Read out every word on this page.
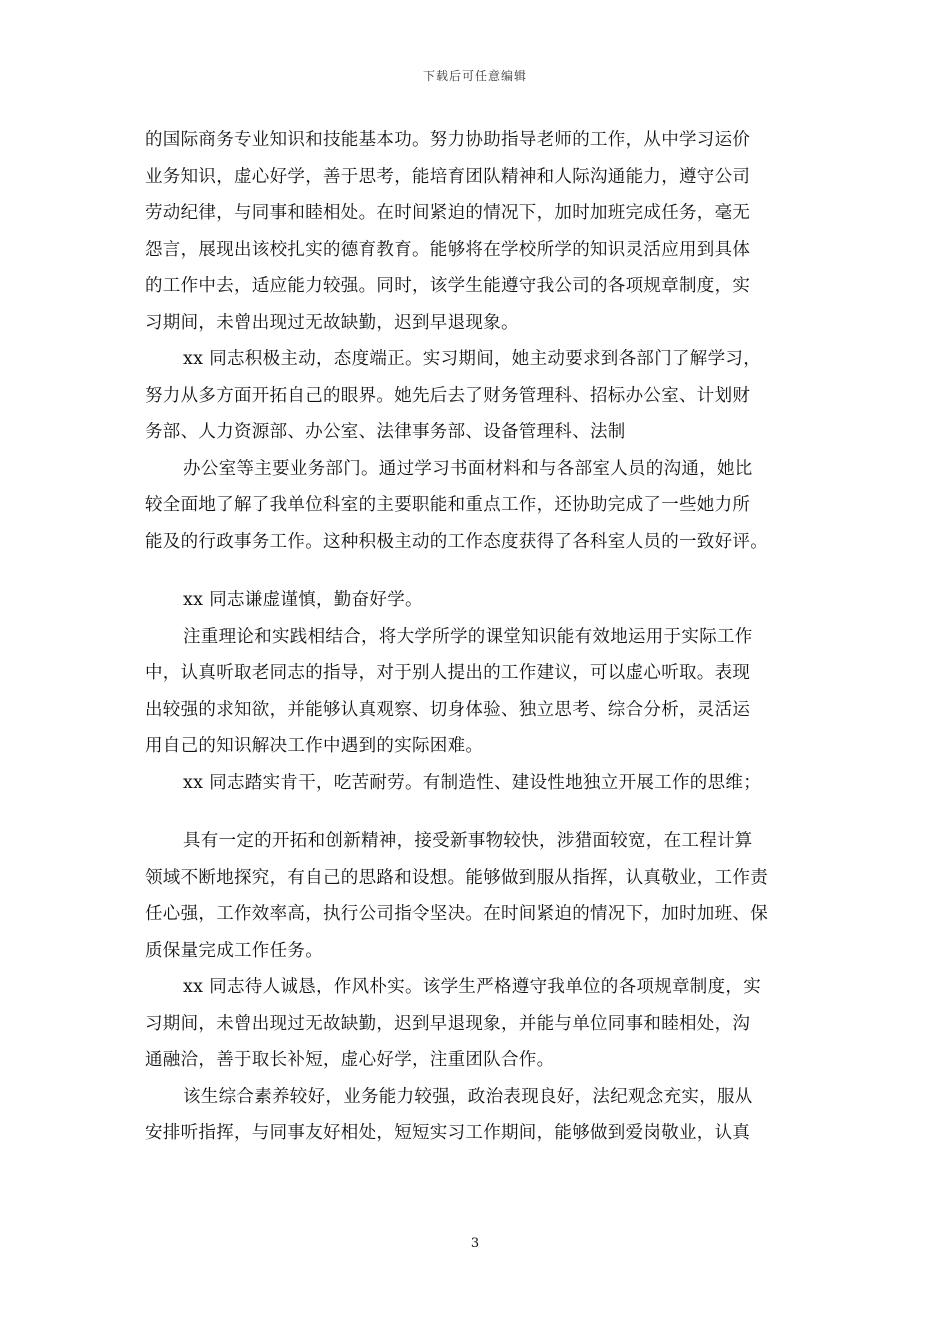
下载后可任意编辑
的国际商务专业知识和技能基本功。努力协助指导老师的工作，从中学习运价
业务知识，虚心好学，善于思考，能培育团队精神和人际沟通能力，遵守公司
劳动纪律，与同事和睦相处。在时间紧迫的情况下，加时加班完成任务，毫无
怨言，展现出该校扎实的德育教育。能够将在学校所学的知识灵活应用到具体
的工作中去，适应能力较强。同时，该学生能遵守我公司的各项规章制度，实
习期间，未曾出现过无故缺勤，迟到早退现象。
xx 同志积极主动，态度端正。实习期间，她主动要求到各部门了解学习，
努力从多方面开拓自己的眼界。她先后去了财务管理科、招标办公室、计划财
务部、人力资源部、办公室、法律事务部、设备管理科、法制
办公室等主要业务部门。通过学习书面材料和与各部室人员的沟通，她比
较全面地了解了我单位科室的主要职能和重点工作，还协助完成了一些她力所
能及的行政事务工作。这种积极主动的工作态度获得了各科室人员的一致好评。
xx 同志谦虚谨慎，勤奋好学。
注重理论和实践相结合，将大学所学的课堂知识能有效地运用于实际工作
中，认真听取老同志的指导，对于别人提出的工作建议，可以虚心听取。表现
出较强的求知欲，并能够认真观察、切身体验、独立思考、综合分析，灵活运
用自己的知识解决工作中遇到的实际困难。
xx 同志踏实肯干，吃苦耐劳。有制造性、建设性地独立开展工作的思维；
具有一定的开拓和创新精神，接受新事物较快，涉猎面较宽，在工程计算
领域不断地探究，有自己的思路和设想。能够做到服从指挥，认真敬业，工作责
任心强，工作效率高，执行公司指令坚决。在时间紧迫的情况下，加时加班、保
质保量完成工作任务。
xx 同志待人诚恳，作风朴实。该学生严格遵守我单位的各项规章制度，实
习期间，未曾出现过无故缺勤，迟到早退现象，并能与单位同事和睦相处，沟
通融洽，善于取长补短，虚心好学，注重团队合作。
该生综合素养较好，业务能力较强，政治表现良好，法纪观念充实，服从
安排听指挥，与同事友好相处，短短实习工作期间，能够做到爱岗敬业，认真
3
